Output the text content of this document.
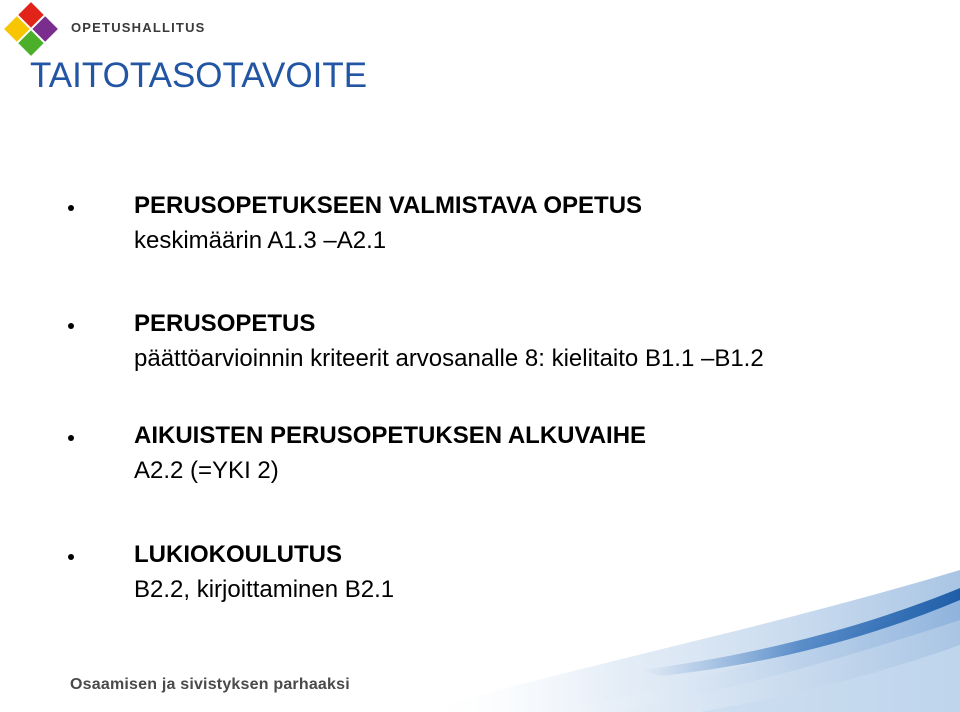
OPETUSHALLITUS
TAITOTASOTAVOITE
PERUSOPETUKSEEN VALMISTAVA OPETUS
keskimäärin A1.3 –A2.1
PERUSOPETUS
päättöarvioinnin kriteerit arvosanalle 8: kielitaito B1.1 –B1.2
AIKUISTEN PERUSOPETUKSEN ALKUVAIHE
A2.2 (=YKI 2)
LUKIOKOULUTUS
B2.2, kirjoittaminen B2.1
Osaamisen ja sivistyksen parhaaksi
